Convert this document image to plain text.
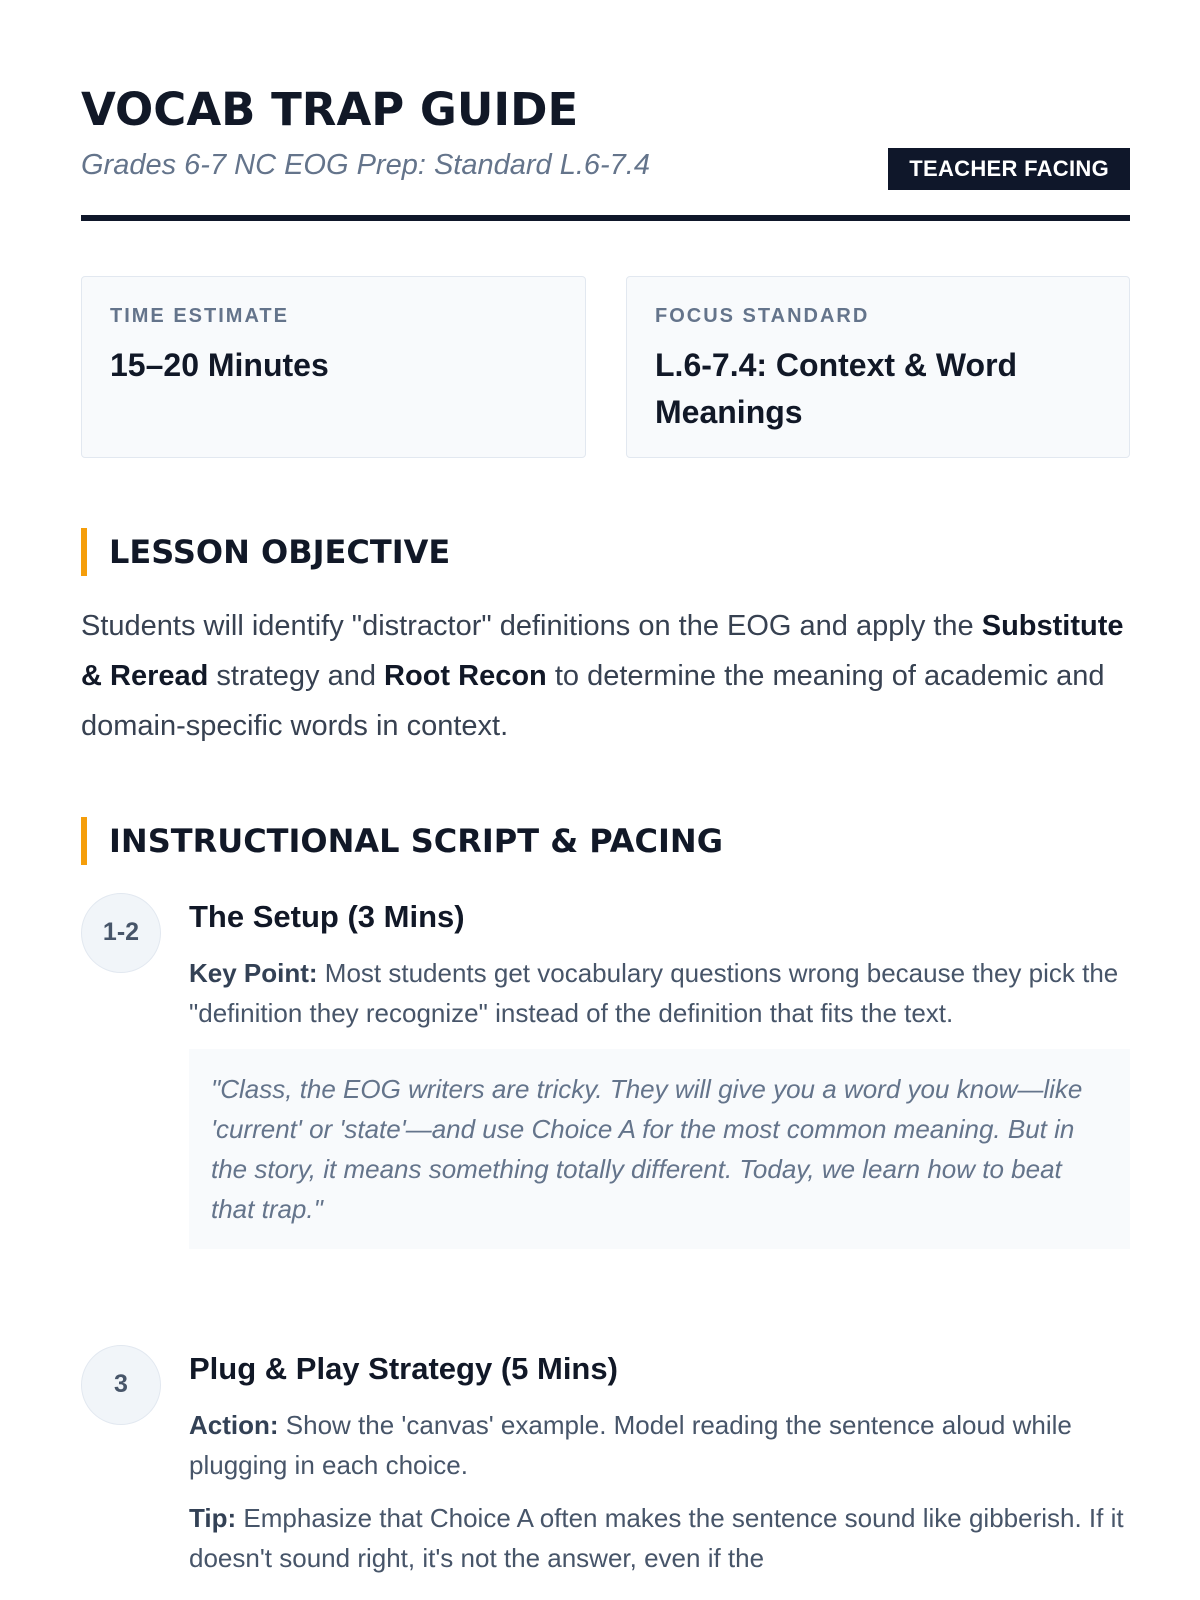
VOCAB TRAP GUIDE
Grades 6-7 NC EOG Prep: Standard L.6-7.4	TEACHER FACING
TIME ESTIMATE
15–20 Minutes
FOCUS STANDARD
L.6-7.4: Context & Word Meanings
LESSON OBJECTIVE

Students will identify "distractor" definitions on the EOG and apply the Substitute & Reread strategy and Root Recon to determine the meaning of academic and domain-specific words in context.

INSTRUCTIONAL SCRIPT & PACING
1-2	The Setup (3 Mins)

Key Point: Most students get vocabulary questions wrong because they pick the "definition they recognize" instead of the definition that fits the text.

"Class, the EOG writers are tricky. They will give you a word you know—like 'current' or 'state'—and use Choice A for the most common meaning. But in the story, it means something totally different. Today, we learn how to beat that trap."

3	Plug & Play Strategy (5 Mins)

Action: Show the 'canvas' example. Model reading the sentence aloud while plugging in each choice.

Tip: Emphasize that Choice A often makes the sentence sound like gibberish. If it doesn't sound right, it's not the answer, even if the
